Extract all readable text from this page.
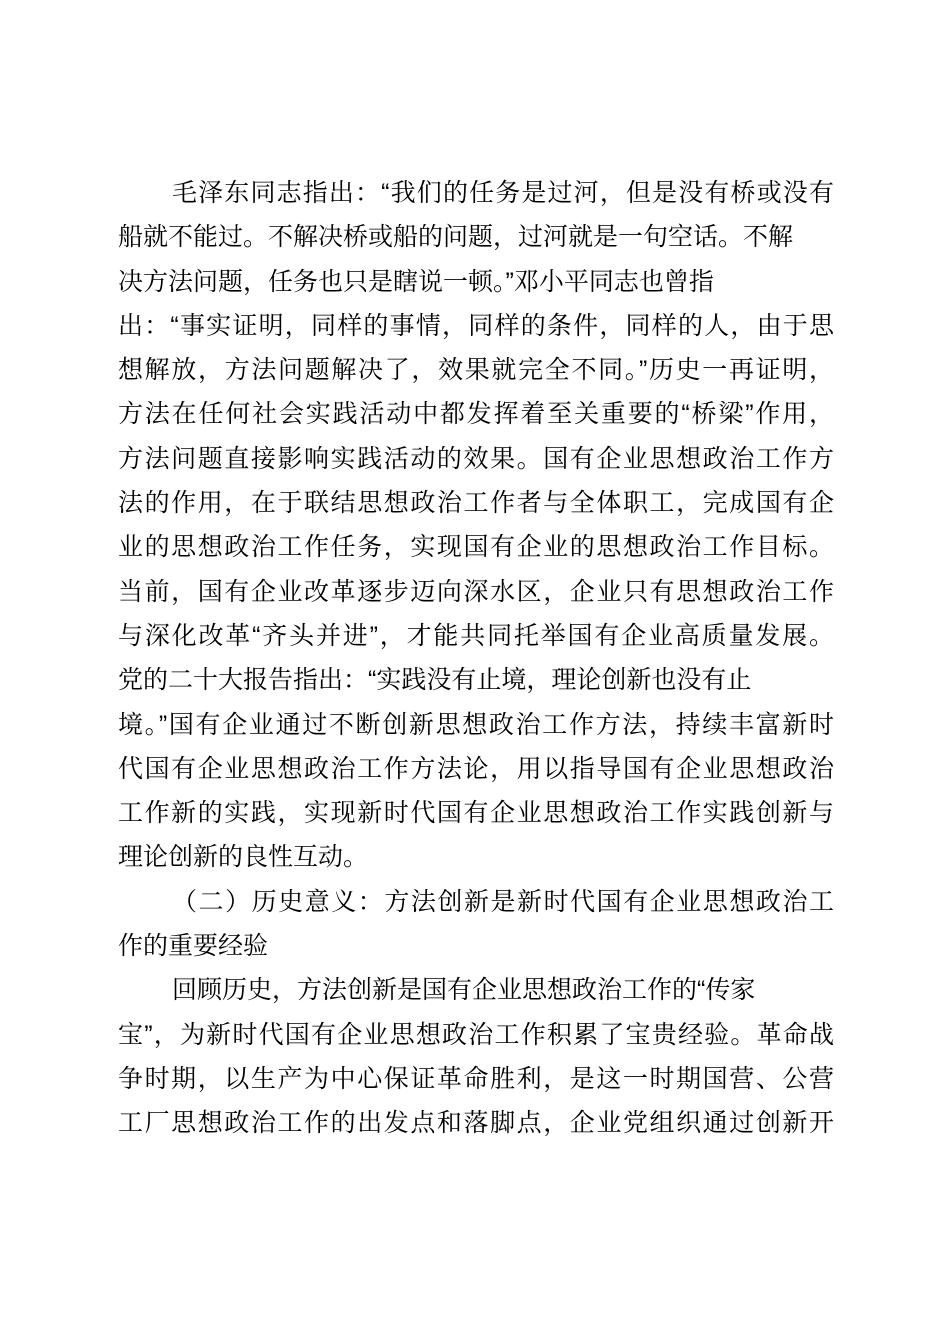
毛泽东同志指出：“我们的任务是过河，但是没有桥或没有
船就不能过。不解决桥或船的问题，过河就是一句空话。不解
决方法问题，任务也只是瞎说一顿。”邓小平同志也曾指
出：“事实证明，同样的事情，同样的条件，同样的人，由于思
想解放，方法问题解决了，效果就完全不同。”历史一再证明，
方法在任何社会实践活动中都发挥着至关重要的“桥梁”作用，
方法问题直接影响实践活动的效果。国有企业思想政治工作方
法的作用，在于联结思想政治工作者与全体职工，完成国有企
业的思想政治工作任务，实现国有企业的思想政治工作目标。
当前，国有企业改革逐步迈向深水区，企业只有思想政治工作
与深化改革“齐头并进”，才能共同托举国有企业高质量发展。
党的二十大报告指出：“实践没有止境，理论创新也没有止
境。”国有企业通过不断创新思想政治工作方法，持续丰富新时
代国有企业思想政治工作方法论，用以指导国有企业思想政治
工作新的实践，实现新时代国有企业思想政治工作实践创新与
理论创新的良性互动。
（二）历史意义：方法创新是新时代国有企业思想政治工
作的重要经验
回顾历史，方法创新是国有企业思想政治工作的“传家
宝”，为新时代国有企业思想政治工作积累了宝贵经验。革命战
争时期，以生产为中心保证革命胜利，是这一时期国营、公营
工厂思想政治工作的出发点和落脚点，企业党组织通过创新开
